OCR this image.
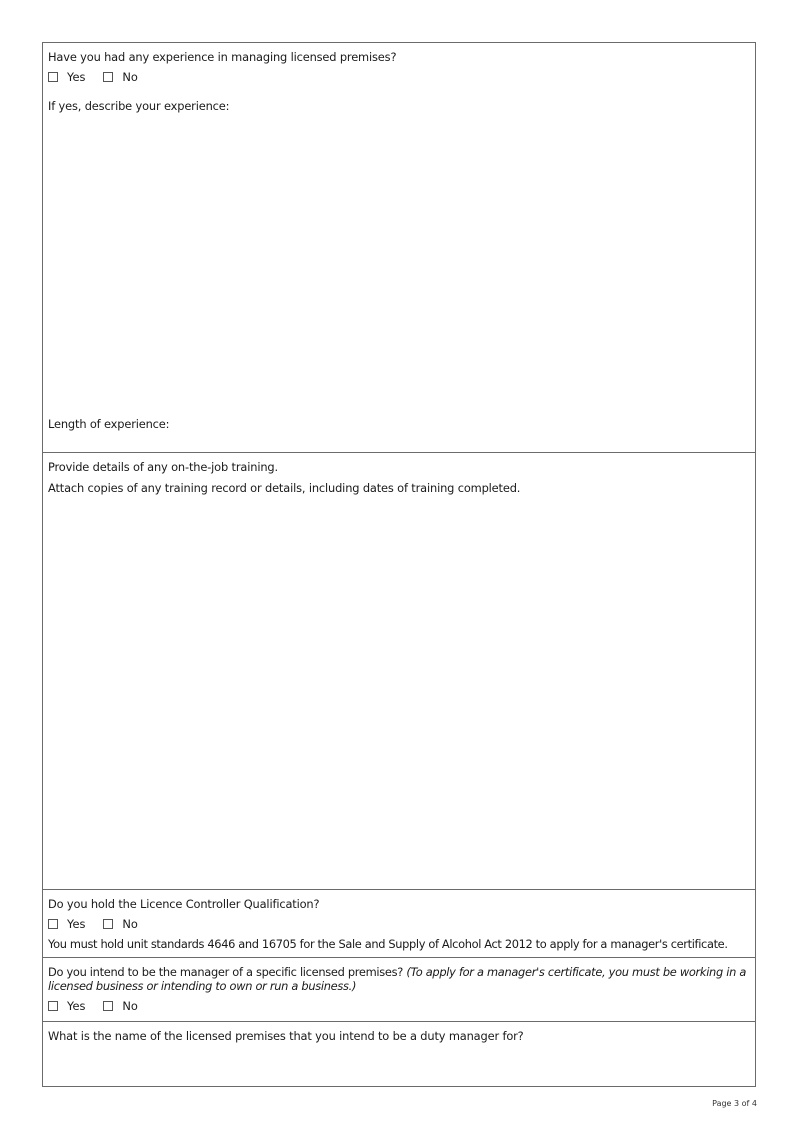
Have you had any experience in managing licensed premises?
Yes	No
If yes, describe your experience:
Length of experience:
Provide details of any on-the-job training.
Attach copies of any training record or details, including dates of training completed.
Do you hold the Licence Controller Qualification?
Yes	No
You must hold unit standards 4646 and 16705 for the Sale and Supply of Alcohol Act 2012 to apply for a manager's certificate.
Do you intend to be the manager of a specific licensed premises? (To apply for a manager's certificate, you must be working in a licensed business or intending to own or run a business.)
Yes	No
What is the name of the licensed premises that you intend to be a duty manager for?
Page 3 of 4
